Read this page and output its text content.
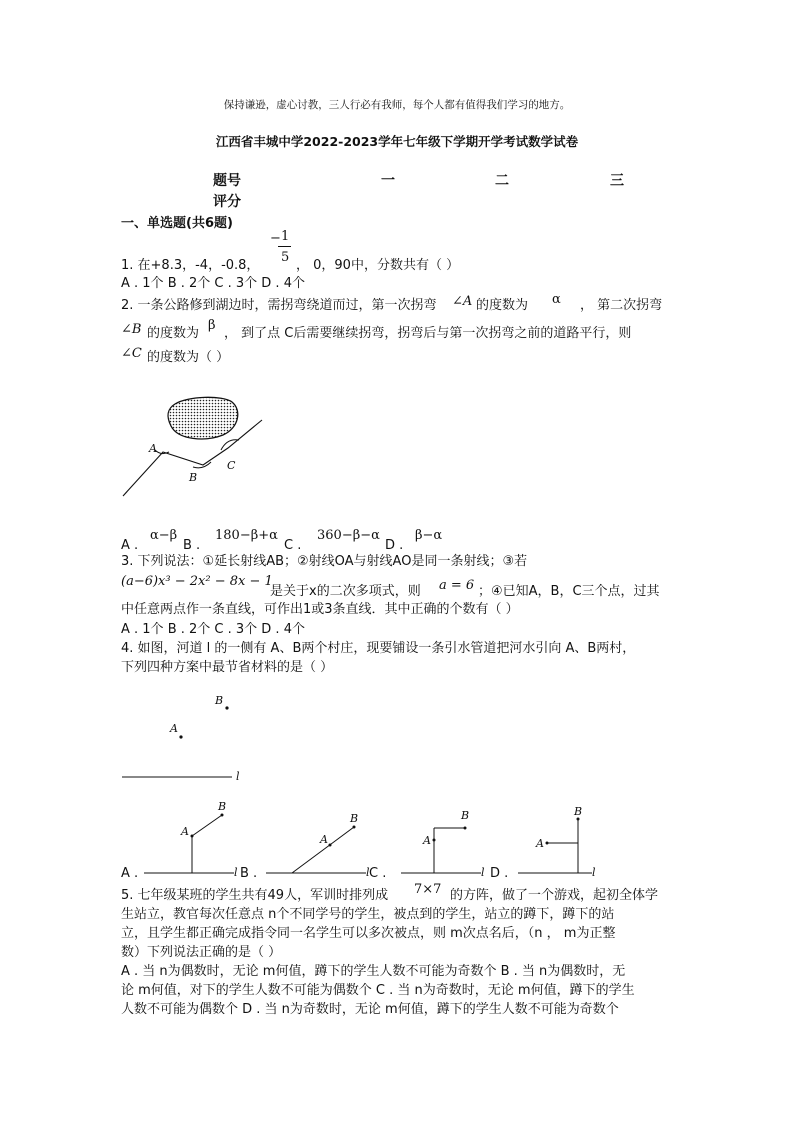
保持谦逊，虚心讨教，三人行必有我师，每个人都有值得我们学习的地方。
江西省丰城中学2022-2023学年七年级下学期开学考试数学试卷
题号	一	二	三
评分
一、单选题(共6题)
− 1
5
1. 在+8.3，-4，-0.8，	， 0，90中，分数共有（ ）
A . 1个 B . 2个 C . 3个 D . 4个
2. 一条公路修到湖边时，需拐弯绕道而过，第一次拐弯 ∠A 的度数为 α ， 第二次拐弯
∠B 的度数为
β
， 到了点 C后需要继续拐弯，拐弯后与第一次拐弯之前的道路平行，则
∠C 的度数为（ ）
A
B
C
A .
α−β
B .
180−β+α
C .
360−β−α
D .
β−α
3. 下列说法：①延长射线AB；②射线OA与射线AO是同一条射线；③若
(a−6)x³ − 2x² − 8x − 1
是关于x的二次多项式，则 a = 6 ；④已知A，B，C三个点，过其
中任意两点作一条直线，可作出1或3条直线．其中正确的个数有（ ）
A . 1个 B . 2个 C . 3个 D . 4个
4. 如图，河道 l 的一侧有 A、B两个村庄，现要铺设一条引水管道把河水引向 A、B两村，
下列四种方案中最节省材料的是（ ）
B
A
l
A .
A
B
l B .
A
B
l C .
A
B
l D .
A
B
l
5. 七年级某班的学生共有49人，军训时排列成 7×7 的方阵，做了一个游戏，起初全体学
生站立，教官每次任意点 n个不同学号的学生，被点到的学生，站立的蹲下，蹲下的站
立，且学生都正确完成指令同一名学生可以多次被点，则 m次点名后，（n ， m为正整
数）下列说法正确的是（ ）
A . 当 n为偶数时，无论 m何值，蹲下的学生人数不可能为奇数个 B . 当 n为偶数时，无
论 m何值，对下的学生人数不可能为偶数个 C . 当 n为奇数时，无论 m何值，蹲下的学生
人数不可能为偶数个 D . 当 n为奇数时，无论 m何值，蹲下的学生人数不可能为奇数个
